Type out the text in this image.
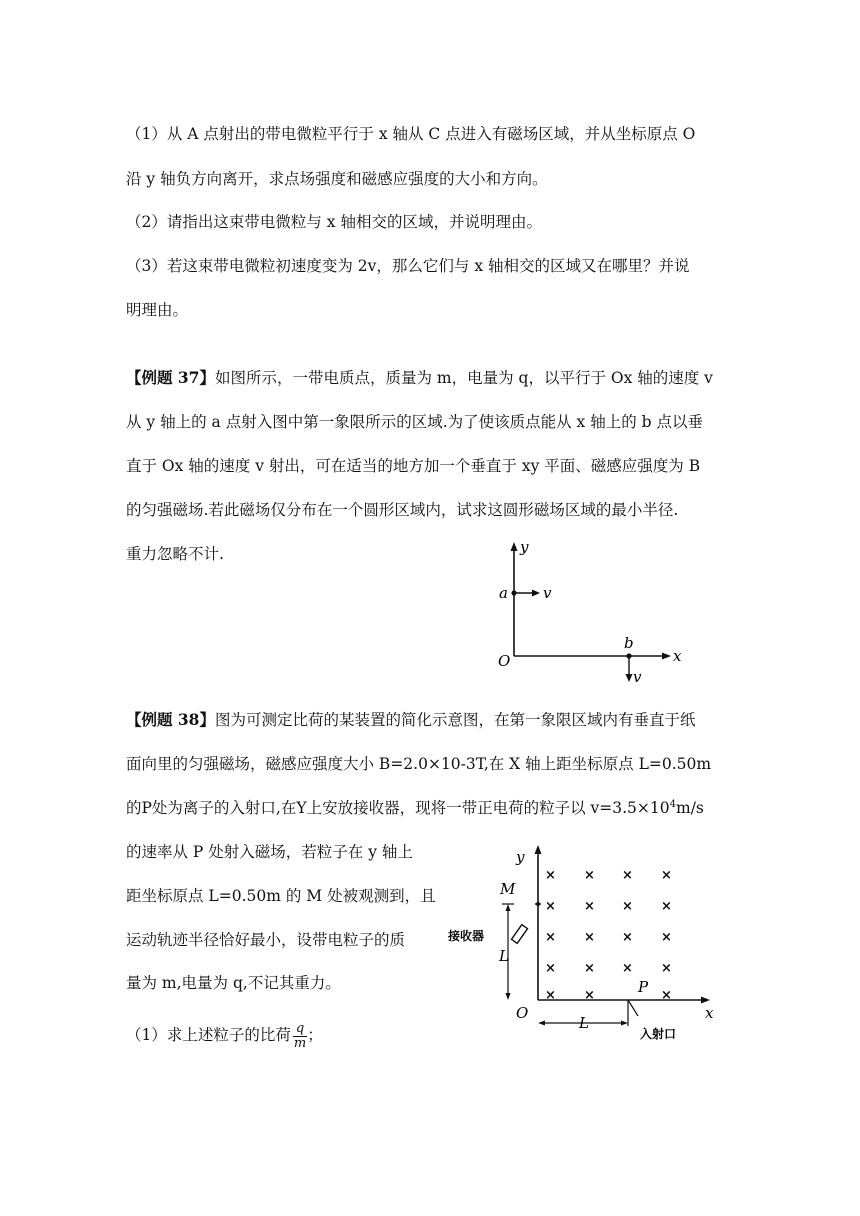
（1）从 A 点射出的带电微粒平行于 x 轴从 C 点进入有磁场区域，并从坐标原点 O
沿 y 轴负方向离开，求点场强度和磁感应强度的大小和方向。
（2）请指出这束带电微粒与 x 轴相交的区域，并说明理由。
（3）若这束带电微粒初速度变为 2v，那么它们与 x 轴相交的区域又在哪里？并说
明理由。
【例题 37】如图所示，一带电质点，质量为 m，电量为 q，以平行于 Ox 轴的速度 v
从 y 轴上的 a 点射入图中第一象限所示的区域.为了使该质点能从 x 轴上的 b 点以垂
直于 Ox 轴的速度 v 射出，可在适当的地方加一个垂直于 xy 平面、磁感应强度为 B
的匀强磁场.若此磁场仅分布在一个圆形区域内，试求这圆形磁场区域的最小半径.
重力忽略不计.	y
x
O
a v
b
v
【例题 38】图为可测定比荷的某装置的简化示意图，在第一象限区域内有垂直于纸
面向里的匀强磁场，磁感应强度大小 B=2.0×10-3T,在 X 轴上距坐标原点 L=0.50m
的P处为离子的入射口,在Y上安放接收器，现将一带正电荷的粒子以 $v=3.5\times 10^4m/s$
的速率从 P 处射入磁场，若粒子在 y 轴上
距坐标原点 L=0.50m 的 M 处被观测到，且
运动轨迹半径恰好最小，设带电粒子的质
量为 m,电量为 q,不记其重力。
（1）求上述粒子的比荷 $\frac{q}{m}$ ；
× × × ×
× × × ×
× × × ×
× × × ×
× ×	×
y
x
O
M
P
L
L
接收器
入射口
